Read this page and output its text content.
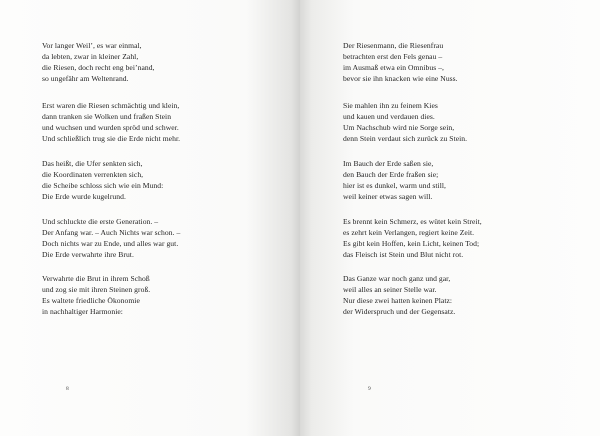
Vor langer Weil’, es war einmal,
da lebten, zwar in kleiner Zahl,
die Riesen, doch recht eng bei’nand,
so ungefähr am Weltenrand.
Erst waren die Riesen schmächtig und klein,
dann tranken sie Wolken und fraßen Stein
und wuchsen und wurden spröd und schwer.
Und schließlich trug sie die Erde nicht mehr.
Das heißt, die Ufer senkten sich,
die Koordinaten verrenkten sich,
die Scheibe schloss sich wie ein Mund:
Die Erde wurde kugelrund.
Und schluckte die erste Generation. –
Der Anfang war. – Auch Nichts war schon. –
Doch nichts war zu Ende, und alles war gut.
Die Erde verwahrte ihre Brut.
Verwahrte die Brut in ihrem Schoß
und zog sie mit ihren Steinen groß.
Es waltete friedliche Ökonomie
in nachhaltiger Harmonie:
8
Der Riesenmann, die Riesenfrau
betrachten erst den Fels genau –
im Ausmaß etwa ein Omnibus –,
bevor sie ihn knacken wie eine Nuss.
Sie mahlen ihn zu feinem Kies
und kauen und verdauen dies.
Um Nachschub wird nie Sorge sein,
denn Stein verdaut sich zurück zu Stein.
Im Bauch der Erde saßen sie,
den Bauch der Erde fraßen sie;
hier ist es dunkel, warm und still,
weil keiner etwas sagen will.
Es brennt kein Schmerz, es wütet kein Streit,
es zehrt kein Verlangen, regiert keine Zeit.
Es gibt kein Hoffen, kein Licht, keinen Tod;
das Fleisch ist Stein und Blut nicht rot.
Das Ganze war noch ganz und gar,
weil alles an seiner Stelle war.
Nur diese zwei hatten keinen Platz:
der Widerspruch und der Gegensatz.
9
